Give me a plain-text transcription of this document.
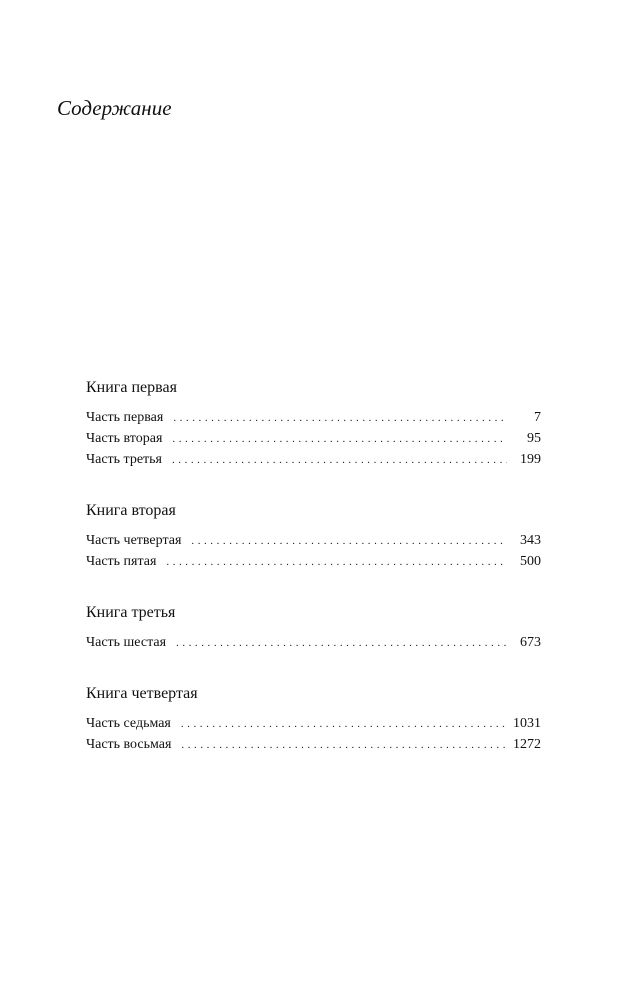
Содержание
Книга первая
Часть первая . . .	7
Часть вторая . . .	95
Часть третья . . .	199
Книга вторая
Часть четвертая . . .	343
Часть пятая . . .	500
Книга третья
Часть шестая . . .	673
Книга четвертая
Часть седьмая . . .	1031
Часть восьмая . . .	1272
